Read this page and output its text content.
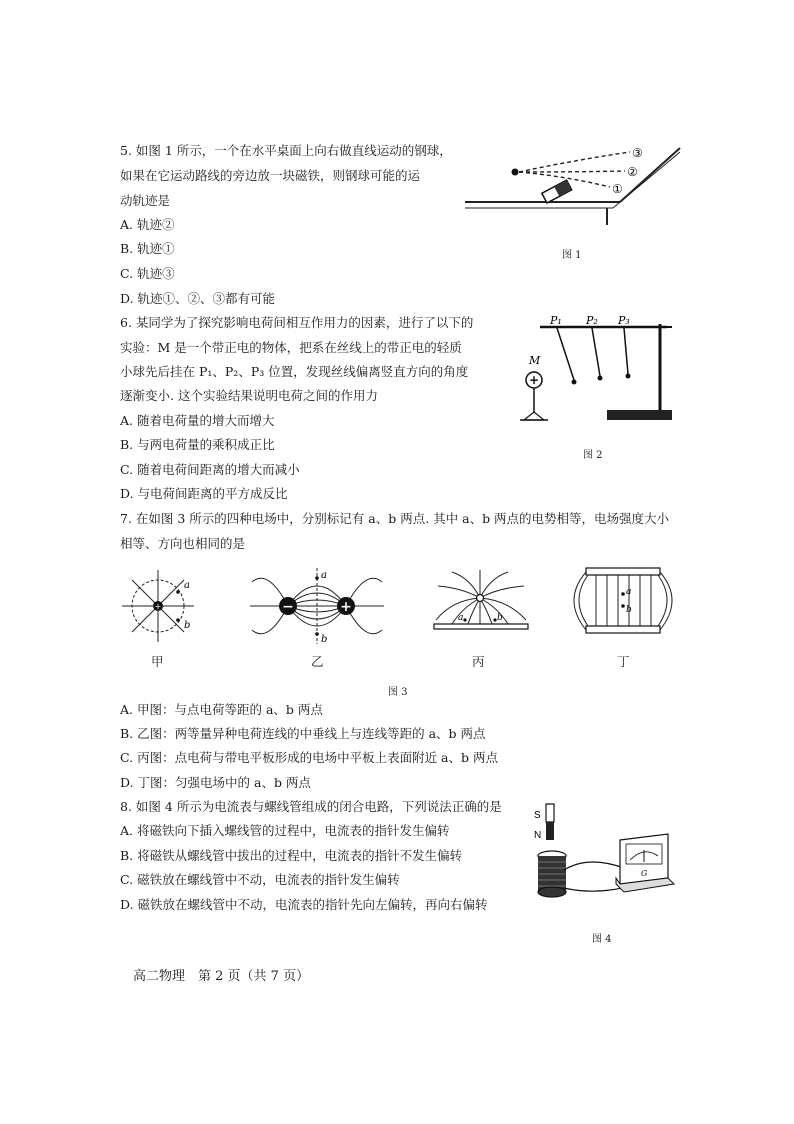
5. 如图 1 所示，一个在水平桌面上向右做直线运动的钢球，
如果在它运动路线的旁边放一块磁铁，则钢球可能的运
动轨迹是
A. 轨迹②
B. 轨迹①
C. 轨迹③
D. 轨迹①、②、③都有可能
③
②
①
图 1
6. 某同学为了探究影响电荷间相互作用力的因素，进行了以下的
实验：M 是一个带正电的物体，把系在丝线上的带正电的轻质
小球先后挂在 P₁、P₂、P₃ 位置，发现丝线偏离竖直方向的角度
逐渐变小. 这个实验结果说明电荷之间的作用力
A. 随着电荷量的增大而增大
B. 与两电荷量的乘积成正比
C. 随着电荷间距离的增大而减小
D. 与电荷间距离的平方成反比
+
M
P₁ P₂ P₃
图 2
7. 在如图 3 所示的四种电场中，分别标记有 a、b 两点. 其中 a、b 两点的电势相等，电场强度大小
相等、方向也相同的是
+
a
b
甲
−	+
a
b
乙
a	b
丙
a
b
丁
图 3
A. 甲图：与点电荷等距的 a、b 两点
B. 乙图：两等量异种电荷连线的中垂线上与连线等距的 a、b 两点
C. 丙图：点电荷与带电平板形成的电场中平板上表面附近 a、b 两点
D. 丁图：匀强电场中的 a、b 两点
8. 如图 4 所示为电流表与螺线管组成的闭合电路，下列说法正确的是
A. 将磁铁向下插入螺线管的过程中，电流表的指针发生偏转
B. 将磁铁从螺线管中拔出的过程中，电流表的指针不发生偏转
C. 磁铁放在螺线管中不动，电流表的指针发生偏转
D. 磁铁放在螺线管中不动，电流表的指针先向左偏转，再向右偏转
S
N
G
图 4
高二物理　第 2 页（共 7 页）
